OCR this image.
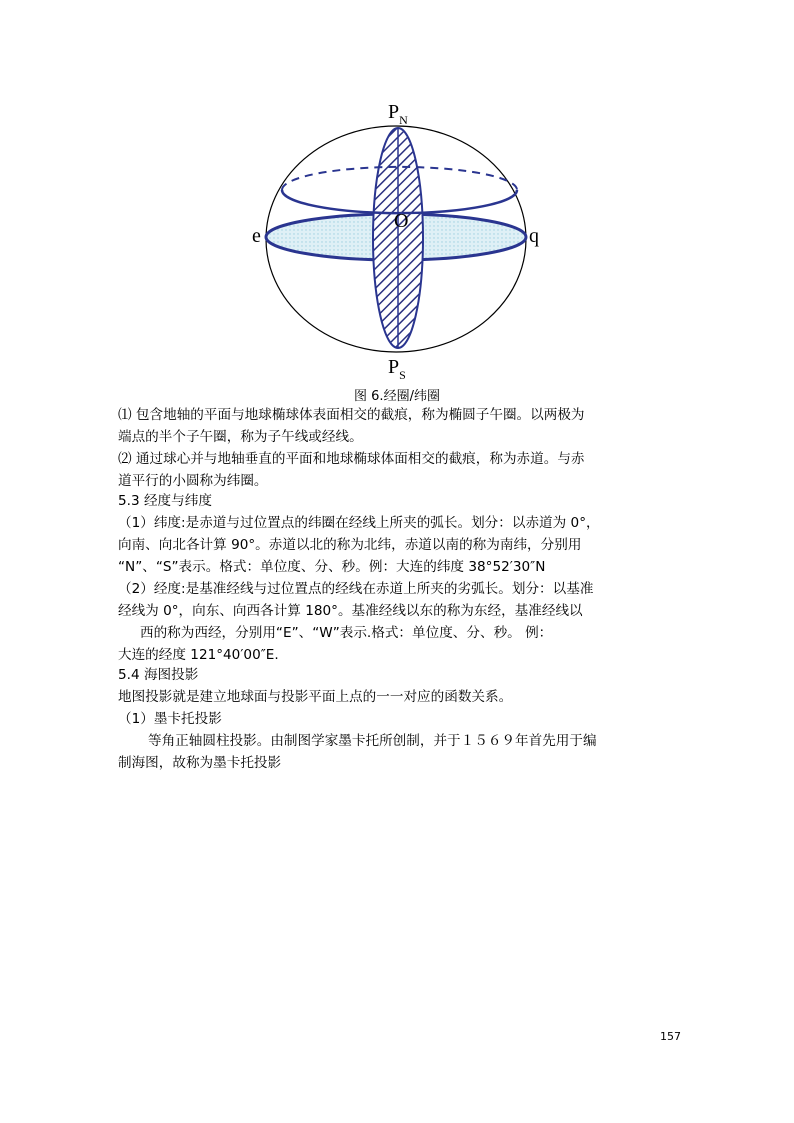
$P_N$
$P_S$
e	q
O
图 6.经圈/纬圈
⑴ 包含地轴的平面与地球椭球体表面相交的截痕，称为椭圆子午圈。以两极为
端点的半个子午圈，称为子午线或经线。
⑵ 通过球心并与地轴垂直的平面和地球椭球体面相交的截痕，称为赤道。与赤
道平行的小圆称为纬圈。
5.3 经度与纬度
（1）纬度:是赤道与过位置点的纬圈在经线上所夹的弧长。划分：以赤道为 0°，
向南、向北各计算 90°。赤道以北的称为北纬，赤道以南的称为南纬，分别用
“N”、“S”表示。格式：单位度、分、秒。例：大连的纬度 38°52′30″N
（2）经度:是基准经线与过位置点的经线在赤道上所夹的劣弧长。划分：以基准
经线为 0°，向东、向西各计算 180°。基准经线以东的称为东经，基准经线以
西的称为西经，分别用“E”、“W”表示.格式：单位度、分、秒。 例：
大连的经度 121°40′00″E.
5.4 海图投影
地图投影就是建立地球面与投影平面上点的一一对应的函数关系。
（1）墨卡托投影
等角正轴圆柱投影。由制图学家墨卡托所创制，并于１５６９年首先用于编
制海图，故称为墨卡托投影
157
